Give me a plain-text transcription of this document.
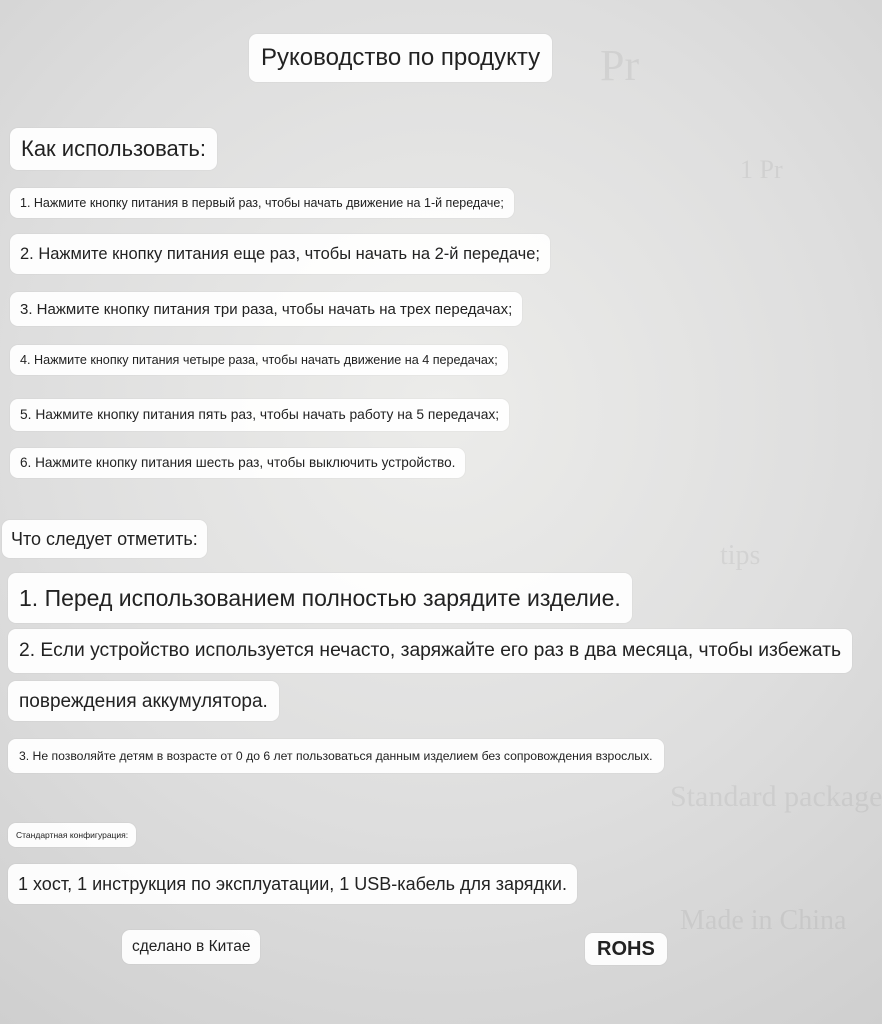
Pr
1 Pr
tips
Standard package
Made in China
Руководство по продукту
Как использовать:
1. Нажмите кнопку питания в первый раз, чтобы начать движение на 1-й передаче;
2. Нажмите кнопку питания еще раз, чтобы начать на 2-й передаче;
3. Нажмите кнопку питания три раза, чтобы начать на трех передачах;
4. Нажмите кнопку питания четыре раза, чтобы начать движение на 4 передачах;
5. Нажмите кнопку питания пять раз, чтобы начать работу на 5 передачах;
6. Нажмите кнопку питания шесть раз, чтобы выключить устройство.
Что следует отметить:
1. Перед использованием полностью зарядите изделие.
2. Если устройство используется нечасто, заряжайте его раз в два месяца, чтобы избежать
повреждения аккумулятора.
3. Не позволяйте детям в возрасте от 0 до 6 лет пользоваться данным изделием без сопровождения взрослых.
Стандартная конфигурация:
1 хост, 1 инструкция по эксплуатации, 1 USB-кабель для зарядки.
сделано в Китае	ROHS
